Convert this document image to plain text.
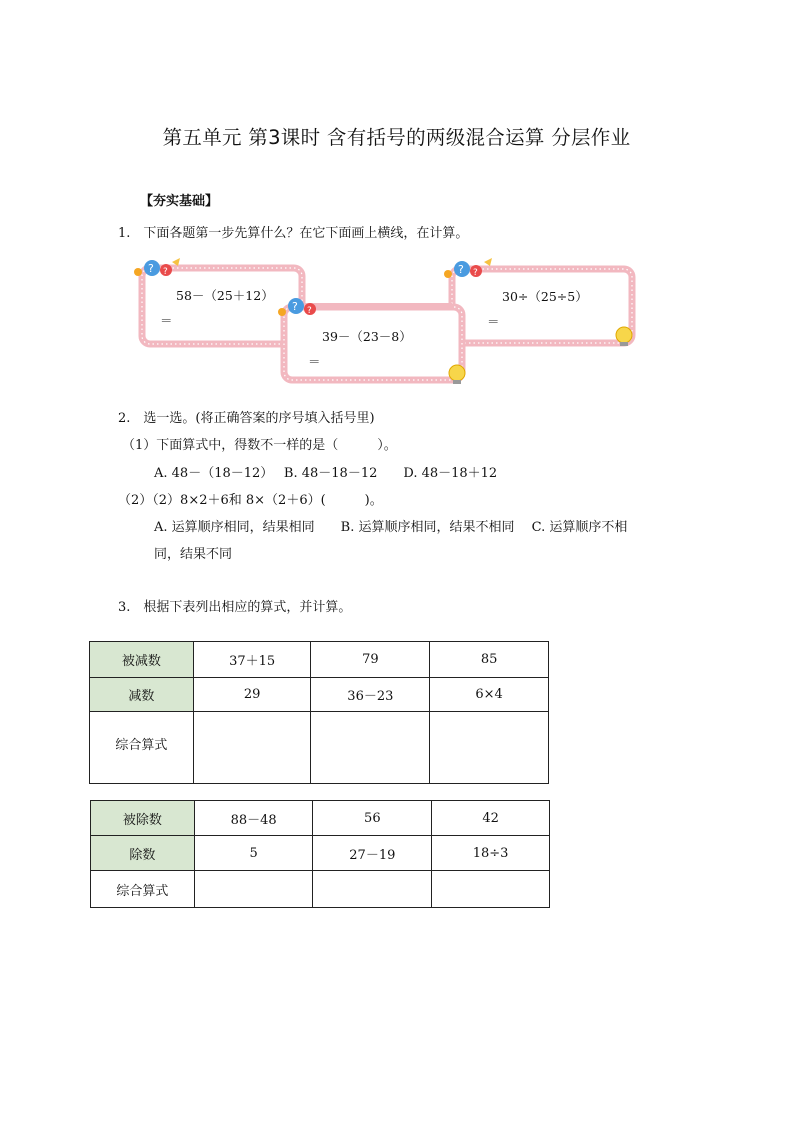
第五单元 第3课时 含有括号的两级混合运算 分层作业
【夯实基础】
1.　下面各题第一步先算什么？在它下面画上横线，在计算。
? ?
? ?
? ?
58－（25＋12）
＝
39－（23－8）
＝
30÷（25÷5）
＝
2.　选一选。(将正确答案的序号填入括号里)
（1）下面算式中，得数不一样的是（　　　）。
A. 48－（18－12）　 B. 48－18－12　　D. 48－18＋12
（2）（2）8×2＋6和 8×（2＋6）(　　　)。
A. 运算顺序相同，结果相同　　B. 运算顺序相同，结果不相同　 C. 运算顺序不相
同，结果不同
3.　根据下表列出相应的算式，并计算。
被减数	37＋15	79	85
减数	29	36－23	6×4
综合算式			
被除数	88－48	56	42
除数	5	27－19	18÷3
综合算式			
